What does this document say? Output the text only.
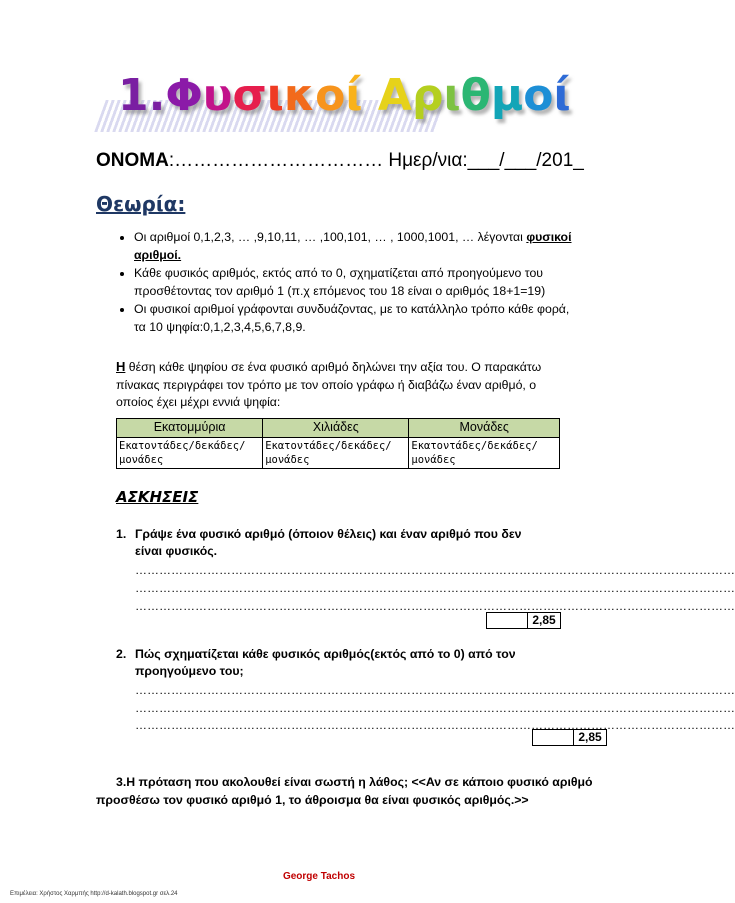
1.Φυσικοί Αριθμοί
ΟΝΟΜΑ:…………………………… Ημερ/νια:___/___/201_
Θεωρία:
• Οι αριθμοί 0,1,2,3, … ,9,10,11, … ,100,101, … , 1000,1001, … λέγονται φυσικοί αριθμοί.
• Κάθε φυσικός αριθμός, εκτός από το 0, σχηματίζεται από προηγούμενο του προσθέτοντας τον αριθμό 1 (π.χ επόμενος του 18 είναι ο αριθμός 18+1=19)
• Οι φυσικοί αριθμοί γράφονται συνδυάζοντας, με το κατάλληλο τρόπο κάθε φορά, τα 10 ψηφία:0,1,2,3,4,5,6,7,8,9.
Η θέση κάθε ψηφίου σε ένα φυσικό αριθμό δηλώνει την αξία του. Ο παρακάτω πίνακας περιγράφει τον τρόπο με τον οποίο γράφω ή διαβάζω έναν αριθμό, ο οποίος έχει μέχρι εννιά ψηφία:
Εκατομμύρια	Χιλιάδες	Μονάδες
Εκατοντάδες/δεκάδες/μονάδες	Εκατοντάδες/δεκάδες/μονάδες	Εκατοντάδες/δεκάδες/μονάδες
ΑΣΚΗΣΕΙΣ
1. Γράψε ένα φυσικό αριθμό (όποιον θέλεις) και έναν αριθμό που δεν είναι φυσικός.
……………………………………………………………………………………………………………………………………
……………………………………………………………………………………………………………………………………
……………………………………………………………………………………………………………………………………
2,85
2. Πώς σχηματίζεται κάθε φυσικός αριθμός(εκτός από το 0) από τον προηγούμενο του;
……………………………………………………………………………………………………………………………………
……………………………………………………………………………………………………………………………………
……………………………………………………………………………………………………………………………………
2,85
3.Η πρόταση που ακολουθεί είναι σωστή η λάθος; <<Αν σε κάποιο φυσικό αριθμό προσθέσω τον φυσικό αριθμό 1, το άθροισμα θα είναι φυσικός αριθμός.>>
George Tachos
Επιμέλεια: Χρήστος Χαρμπής http://d-kalath.blogspot.gr σελ.24
